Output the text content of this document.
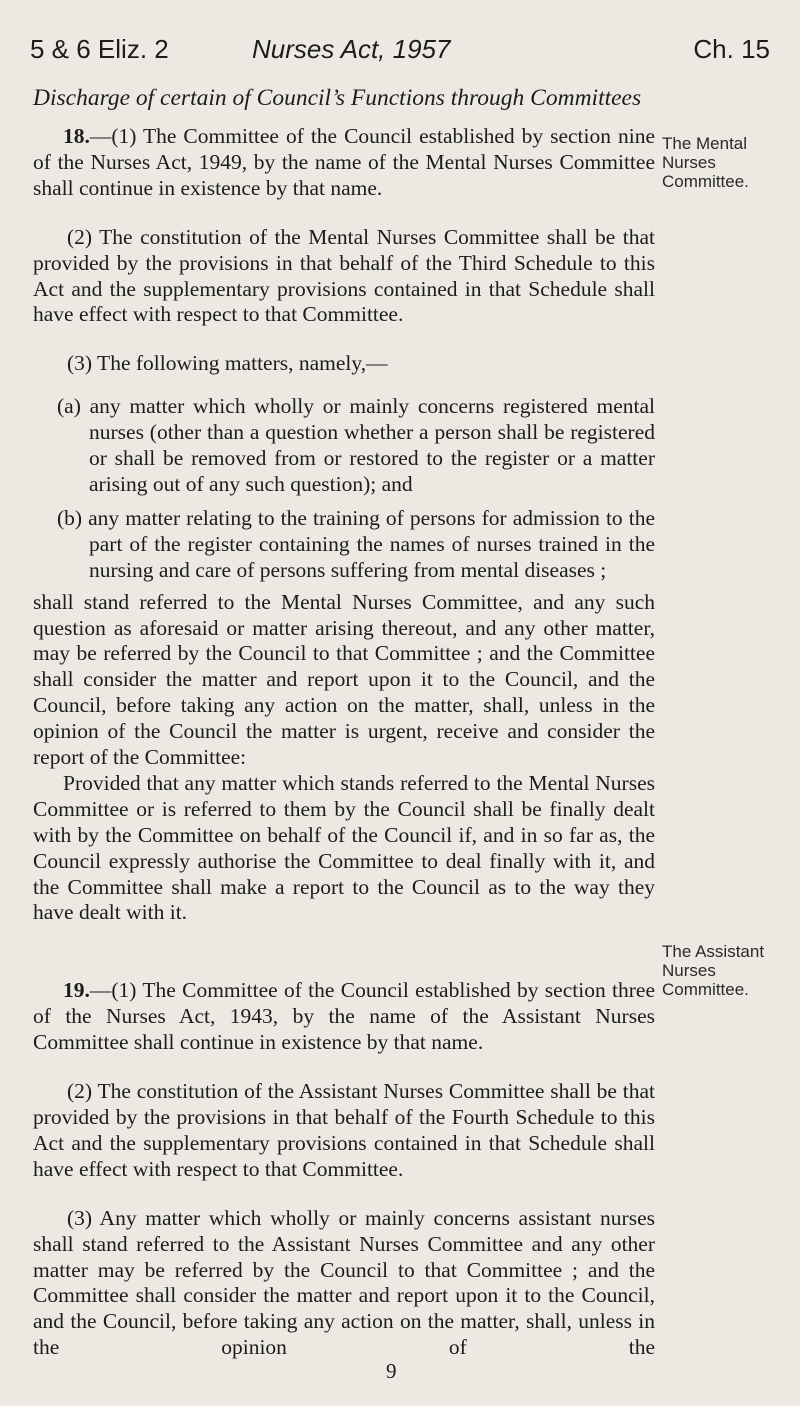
5 & 6 Eliz. 2	Nurses Act, 1957	Ch. 15
Discharge of certain of Council’s Functions through Committees
The Mental Nurses Committee.
The Assistant Nurses Committee.

18.—(1) The Committee of the Council established by section nine of the Nurses Act, 1949, by the name of the Mental Nurses Committee shall continue in existence by that name.

(2) The constitution of the Mental Nurses Committee shall be that provided by the provisions in that behalf of the Third Schedule to this Act and the supplementary provisions contained in that Schedule shall have effect with respect to that Committee.

(3) The following matters, namely,—

(a) any matter which wholly or mainly concerns registered mental nurses (other than a question whether a person shall be registered or shall be removed from or restored to the register or a matter arising out of any such question); and

(b) any matter relating to the training of persons for admission to the part of the register containing the names of nurses trained in the nursing and care of persons suffering from mental diseases ;

shall stand referred to the Mental Nurses Committee, and any such question as aforesaid or matter arising thereout, and any other matter, may be referred by the Council to that Committee ; and the Committee shall consider the matter and report upon it to the Council, and the Council, before taking any action on the matter, shall, unless in the opinion of the Council the matter is urgent, receive and consider the report of the Committee:

Provided that any matter which stands referred to the Mental Nurses Committee or is referred to them by the Council shall be finally dealt with by the Committee on behalf of the Council if, and in so far as, the Council expressly authorise the Committee to deal finally with it, and the Committee shall make a report to the Council as to the way they have dealt with it.

19.—(1) The Committee of the Council established by section three of the Nurses Act, 1943, by the name of the Assistant Nurses Committee shall continue in existence by that name.

(2) The constitution of the Assistant Nurses Committee shall be that provided by the provisions in that behalf of the Fourth Schedule to this Act and the supplementary provisions contained in that Schedule shall have effect with respect to that Committee.

(3) Any matter which wholly or mainly concerns assistant nurses shall stand referred to the Assistant Nurses Committee and any other matter may be referred by the Council to that Committee ; and the Committee shall consider the matter and report upon it to the Council, and the Council, before taking any action on the matter, shall, unless in the opinion of the

9
